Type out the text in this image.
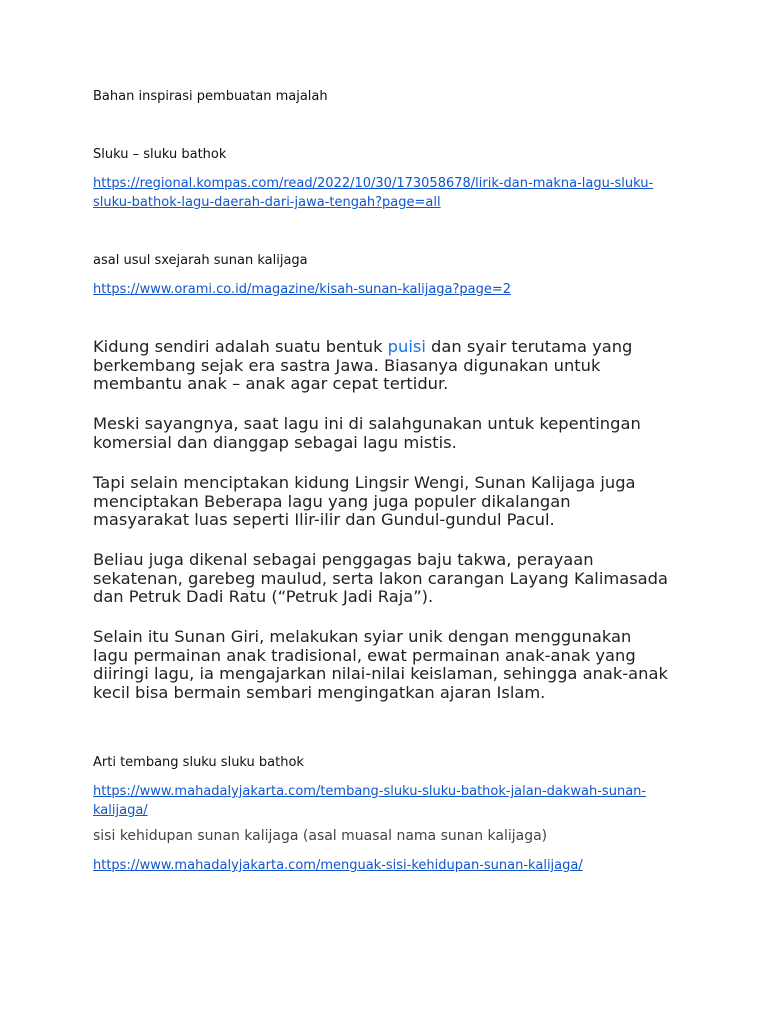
Bahan inspirasi pembuatan majalah

Sluku – sluku bathok

https://regional.kompas.com/read/2022/10/30/173058678/lirik-dan-makna-lagu-sluku-

sluku-bathok-lagu-daerah-dari-jawa-tengah?page=all

asal usul sxejarah sunan kalijaga

https://www.orami.co.id/magazine/kisah-sunan-kalijaga?page=2

Kidung sendiri adalah suatu bentuk puisi dan syair terutama yang berkembang sejak era sastra Jawa. Biasanya digunakan untuk membantu anak – anak agar cepat tertidur.

Meski sayangnya, saat lagu ini di salahgunakan untuk kepentingan komersial dan dianggap sebagai lagu mistis.

Tapi selain menciptakan kidung Lingsir Wengi, Sunan Kalijaga juga menciptakan Beberapa lagu yang juga populer dikalangan masyarakat luas seperti Ilir-ilir dan Gundul-gundul Pacul.

Beliau juga dikenal sebagai penggagas baju takwa, perayaan sekatenan, garebeg maulud, serta lakon carangan Layang Kalimasada dan Petruk Dadi Ratu (“Petruk Jadi Raja”).

Selain itu Sunan Giri, melakukan syiar unik dengan menggunakan lagu permainan anak tradisional, ewat permainan anak-anak yang diiringi lagu, ia mengajarkan nilai-nilai keislaman, sehingga anak-anak kecil bisa bermain sembari mengingatkan ajaran Islam.

Arti tembang sluku sluku bathok

https://www.mahadalyjakarta.com/tembang-sluku-sluku-bathok-jalan-dakwah-sunan-

kalijaga/

sisi kehidupan sunan kalijaga (asal muasal nama sunan kalijaga)

https://www.mahadalyjakarta.com/menguak-sisi-kehidupan-sunan-kalijaga/
